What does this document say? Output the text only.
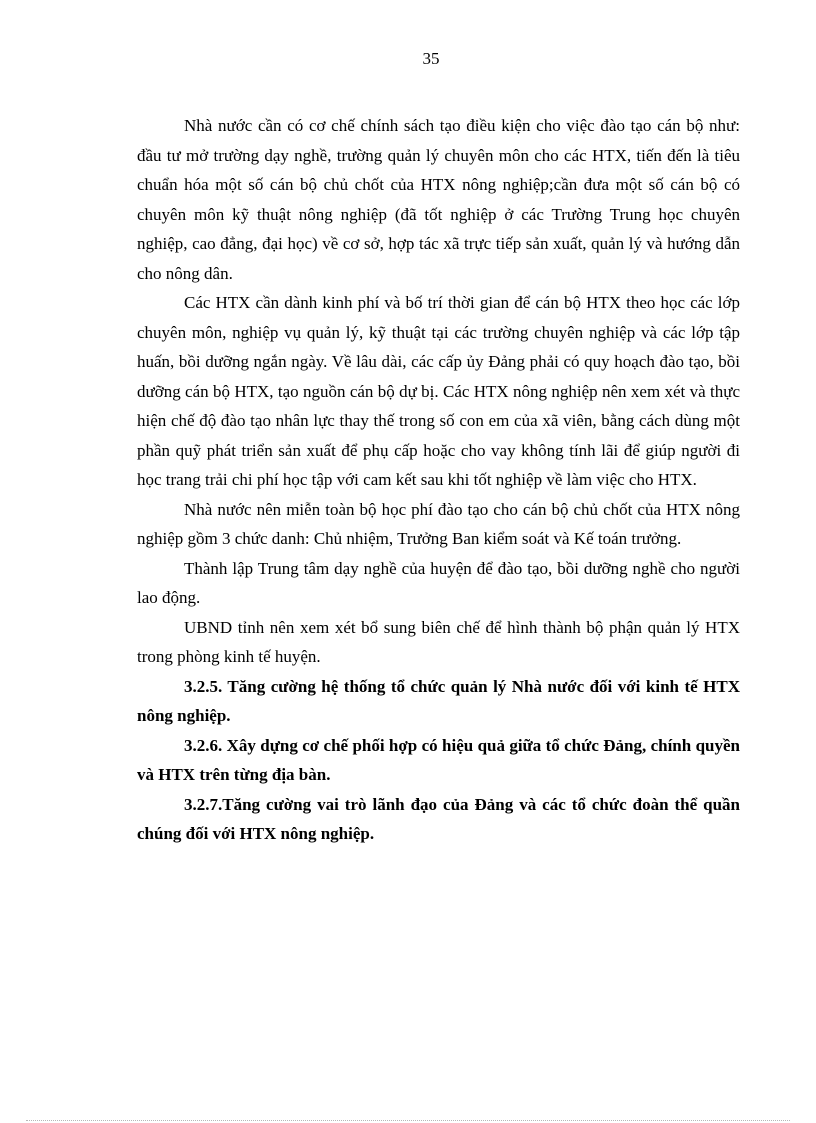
35

Nhà nước cần có cơ chế chính sách tạo điều kiện cho việc đào tạo cán bộ như: đầu tư mở trường dạy nghề, trường quản lý chuyên môn cho các HTX, tiến đến là tiêu chuẩn hóa một số cán bộ chủ chốt của HTX nông nghiệp;cần đưa một số cán bộ có chuyên môn kỹ thuật nông nghiệp (đã tốt nghiệp ở các Trường Trung học chuyên nghiệp, cao đẳng, đại học) về cơ sở, hợp tác xã trực tiếp sản xuất, quản lý và hướng dẫn cho nông dân.

Các HTX cần dành kinh phí và bố trí thời gian để cán bộ HTX theo học các lớp chuyên môn, nghiệp vụ quản lý, kỹ thuật tại các trường chuyên nghiệp và các lớp tập huấn, bồi dưỡng ngắn ngày. Về lâu dài, các cấp ủy Đảng phải có quy hoạch đào tạo, bồi dưỡng cán bộ HTX, tạo nguồn cán bộ dự bị. Các HTX nông nghiệp nên xem xét và thực hiện chế độ đào tạo nhân lực thay thế trong số con em của xã viên, bằng cách dùng một phần quỹ phát triển sản xuất để phụ cấp hoặc cho vay không tính lãi để giúp người đi học trang trải chi phí học tập với cam kết sau khi tốt nghiệp về làm việc cho HTX.

Nhà nước nên miễn toàn bộ học phí đào tạo cho cán bộ chủ chốt của HTX nông nghiệp gồm 3 chức danh: Chủ nhiệm, Trưởng Ban kiểm soát và Kế toán trưởng.

Thành lập Trung tâm dạy nghề của huyện để đào tạo, bồi dưỡng nghề cho người lao động.

UBND tỉnh nên xem xét bổ sung biên chế để hình thành bộ phận quản lý HTX trong phòng kinh tế huyện.

3.2.5. Tăng cường hệ thống tổ chức quản lý Nhà nước đối với kinh tế HTX nông nghiệp.

3.2.6. Xây dựng cơ chế phối hợp có hiệu quả giữa tổ chức Đảng, chính quyền và HTX trên từng địa bàn.

3.2.7.Tăng cường vai trò lãnh đạo của Đảng và các tổ chức đoàn thể quần chúng đối với HTX nông nghiệp.
